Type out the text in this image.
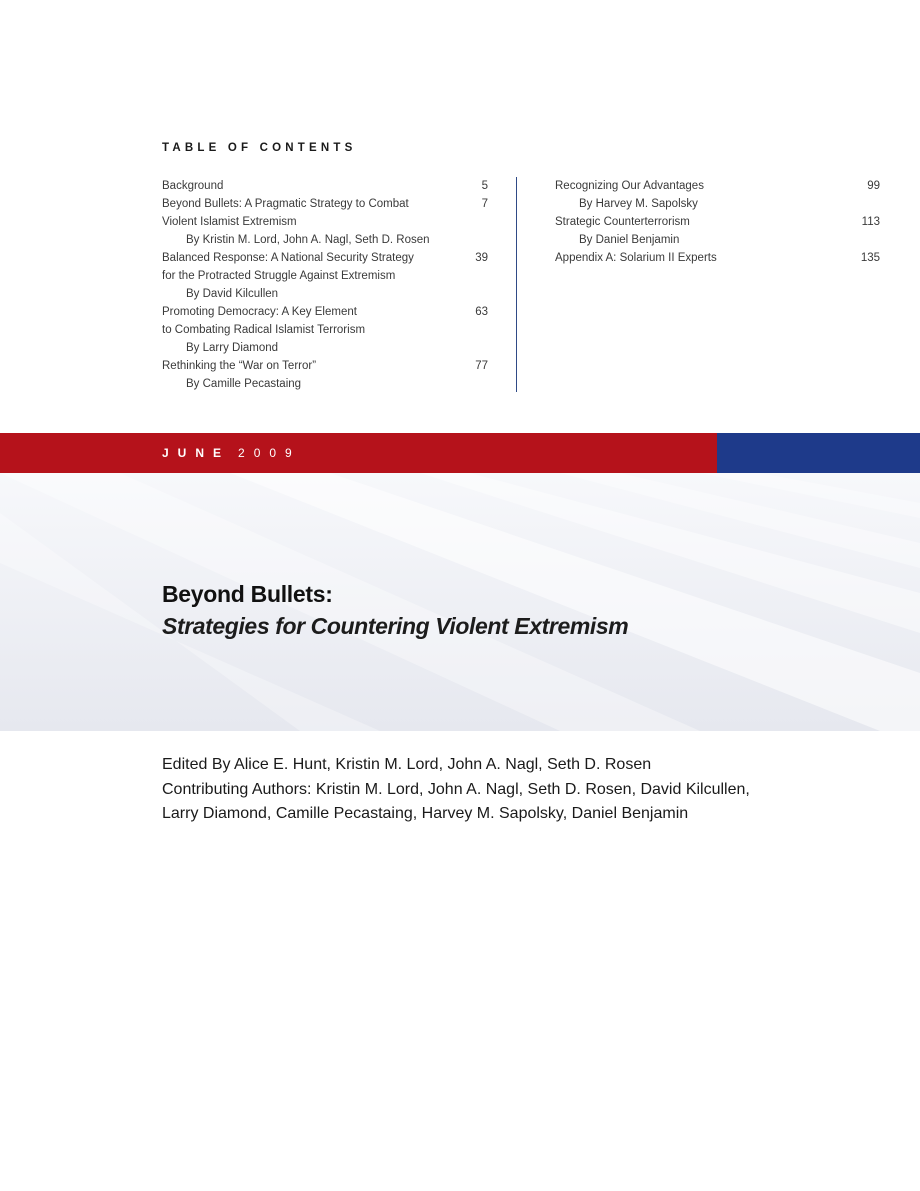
TABLE OF CONTENTS
Background	5
Beyond Bullets: A Pragmatic Strategy to Combat	7
Violent Islamist Extremism
By Kristin M. Lord, John A. Nagl, Seth D. Rosen
Balanced Response: A National Security Strategy	39
for the Protracted Struggle Against Extremism
By David Kilcullen
Promoting Democracy: A Key Element	63
to Combating Radical Islamist Terrorism
By Larry Diamond
Rethinking the “War on Terror”	77
By Camille Pecastaing
Recognizing Our Advantages	99
By Harvey M. Sapolsky
Strategic Counterterrorism	113
By Daniel Benjamin
Appendix A: Solarium II Experts	135
JUNE 2009
Beyond Bullets:
Strategies for Countering Violent Extremism
Edited By Alice E. Hunt, Kristin M. Lord, John A. Nagl, Seth D. Rosen
Contributing Authors: Kristin M. Lord, John A. Nagl, Seth D. Rosen, David Kilcullen,
Larry Diamond, Camille Pecastaing, Harvey M. Sapolsky, Daniel Benjamin
